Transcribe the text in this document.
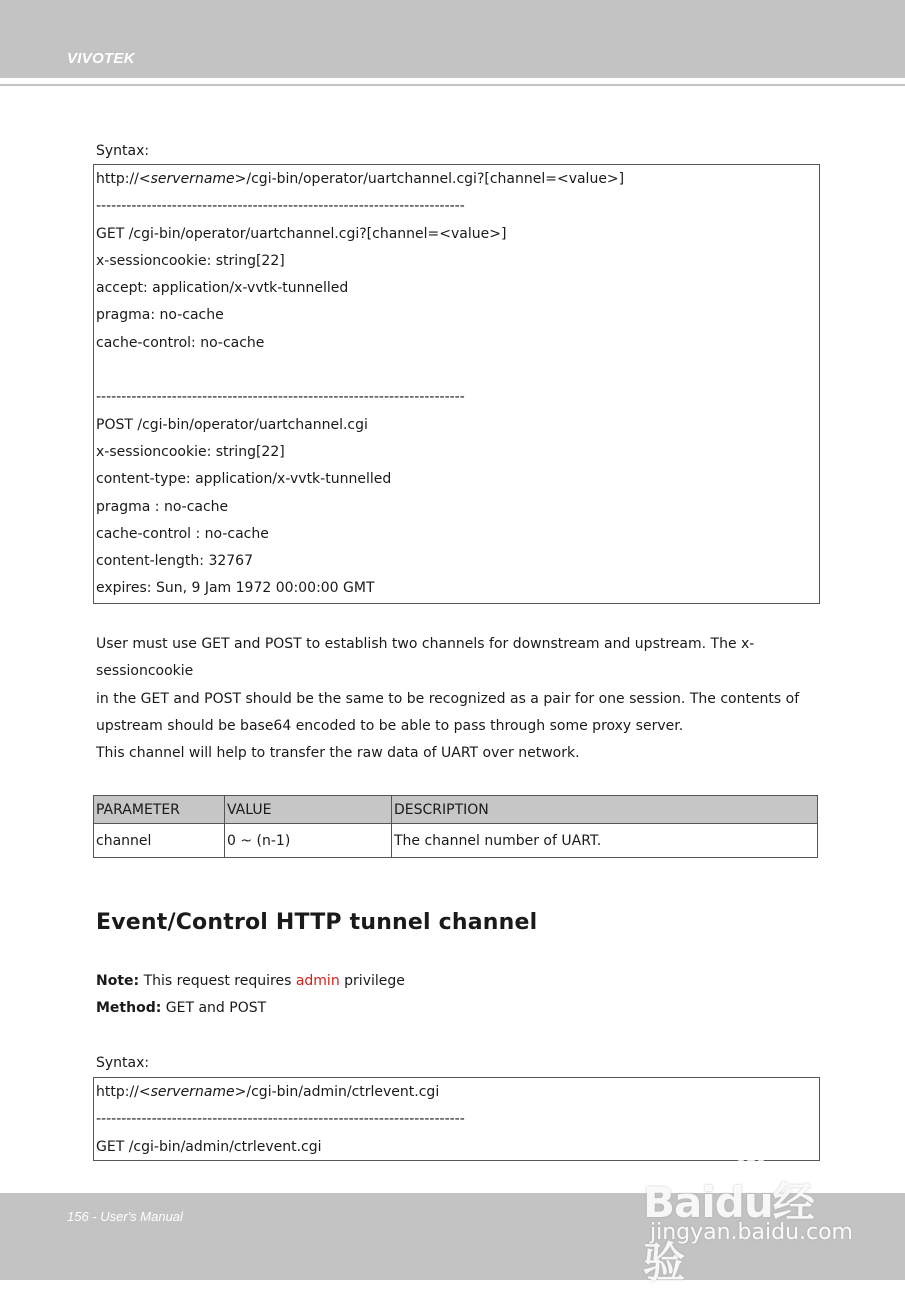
VIVOTEK
Syntax:
http://<servername>/cgi-bin/operator/uartchannel.cgi?[channel=<value>]
-------------------------------------------------------------------------
GET /cgi-bin/operator/uartchannel.cgi?[channel=<value>]
x-sessioncookie: string[22]
accept: application/x-vvtk-tunnelled
pragma: no-cache
cache-control: no-cache
-------------------------------------------------------------------------
POST /cgi-bin/operator/uartchannel.cgi
x-sessioncookie: string[22]
content-type: application/x-vvtk-tunnelled
pragma : no-cache
cache-control : no-cache
content-length: 32767
expires: Sun, 9 Jam 1972 00:00:00 GMT
User must use GET and POST to establish two channels for downstream and upstream. The x-sessioncookie
in the GET and POST should be the same to be recognized as a pair for one session. The contents of
upstream should be base64 encoded to be able to pass through some proxy server.
This channel will help to transfer the raw data of UART over network.
PARAMETER	VALUE	DESCRIPTION
channel	0 ~ (n-1)	The channel number of UART.
Event/Control HTTP tunnel channel
Note: This request requires admin privilege
Method: GET and POST
Syntax:
http://<servername>/cgi-bin/admin/ctrlevent.cgi
-------------------------------------------------------------------------
GET /cgi-bin/admin/ctrlevent.cgi
156 - User's Manual	Baidu经验
jingyan.baidu.com
